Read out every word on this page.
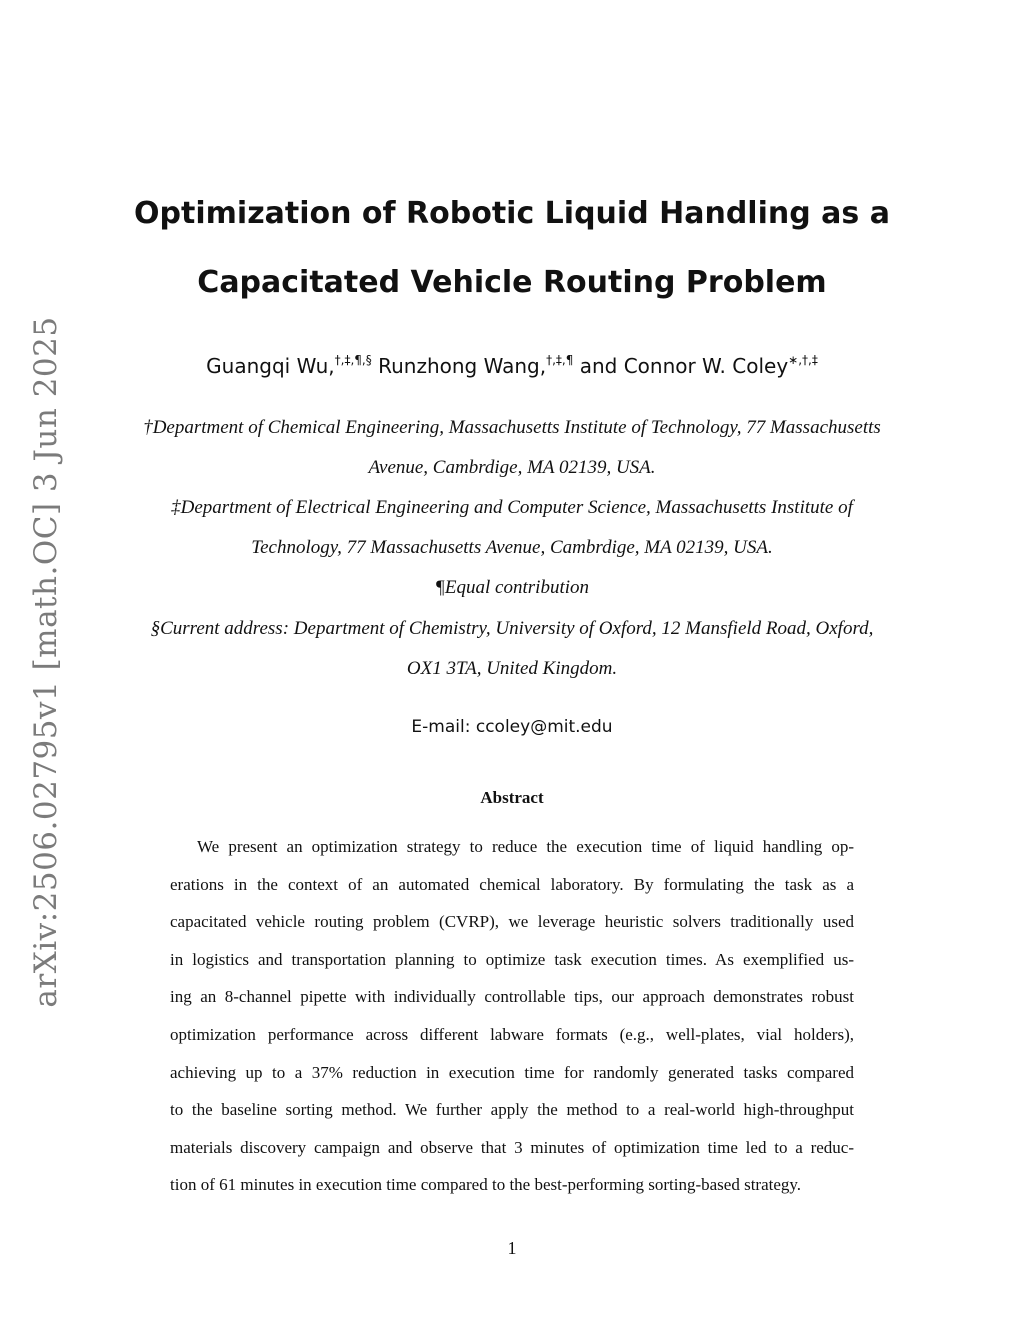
arXiv:2506.02795v1 [math.OC] 3 Jun 2025
Optimization of Robotic Liquid Handling as a
Capacitated Vehicle Routing Problem
Guangqi Wu,†,‡,¶,§ Runzhong Wang,†,‡,¶ and Connor W. Coley∗,†,‡
†Department of Chemical Engineering, Massachusetts Institute of Technology, 77 Massachusetts
Avenue, Cambrdige, MA 02139, USA.
‡Department of Electrical Engineering and Computer Science, Massachusetts Institute of
Technology, 77 Massachusetts Avenue, Cambrdige, MA 02139, USA.
¶Equal contribution
§Current address: Department of Chemistry, University of Oxford, 12 Mansfield Road, Oxford,
OX1 3TA, United Kingdom.
E-mail: ccoley@mit.edu
Abstract
We present an optimization strategy to reduce the execution time of liquid handling op-
erations in the context of an automated chemical laboratory. By formulating the task as a
capacitated vehicle routing problem (CVRP), we leverage heuristic solvers traditionally used
in logistics and transportation planning to optimize task execution times. As exemplified us-
ing an 8-channel pipette with individually controllable tips, our approach demonstrates robust
optimization performance across different labware formats (e.g., well-plates, vial holders),
achieving up to a 37% reduction in execution time for randomly generated tasks compared
to the baseline sorting method. We further apply the method to a real-world high-throughput
materials discovery campaign and observe that 3 minutes of optimization time led to a reduc-
tion of 61 minutes in execution time compared to the best-performing sorting-based strategy.
1
